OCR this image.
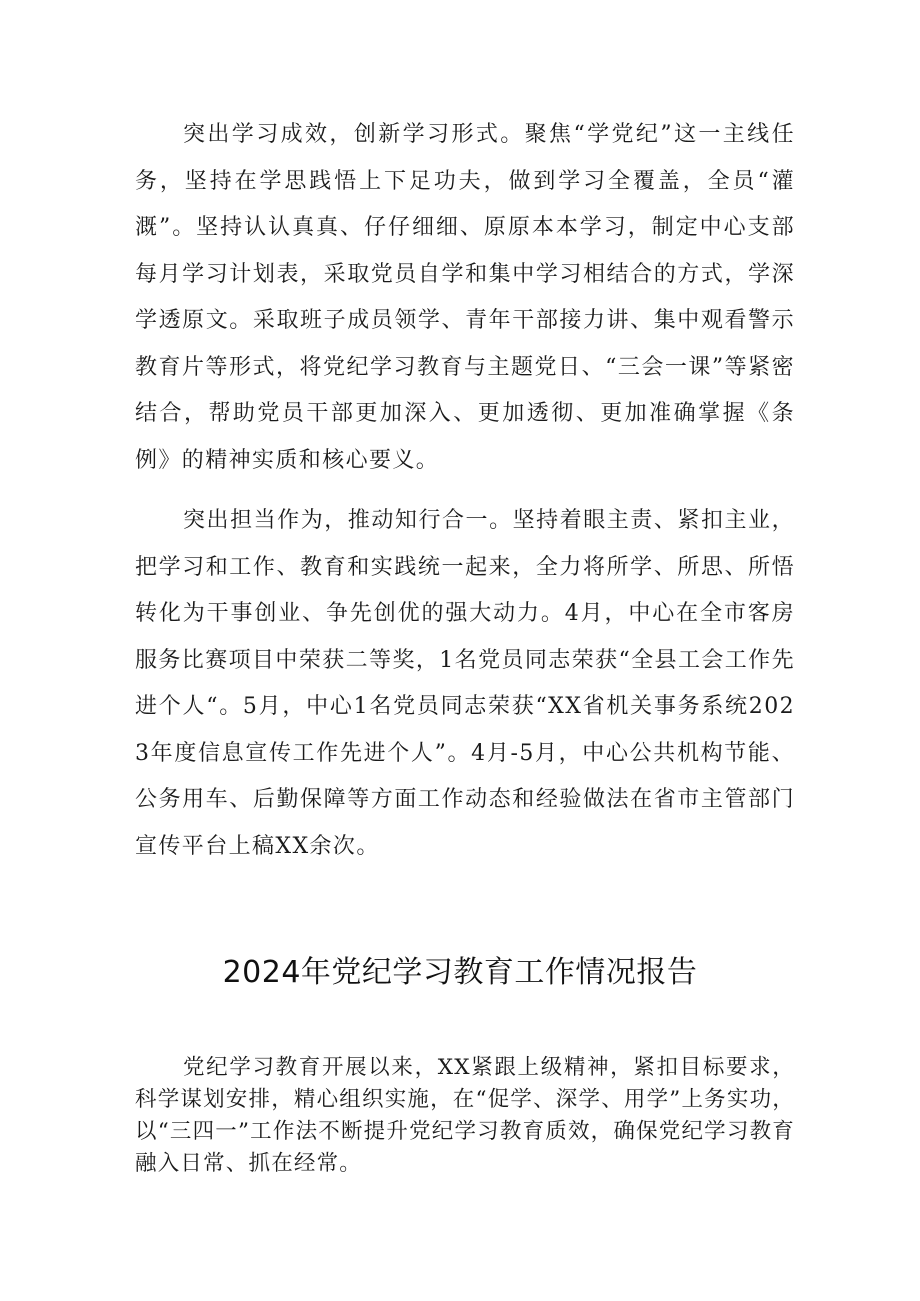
突出学习成效，创新学习形式。聚焦“学党纪”这一主线任务，坚持在学思践悟上下足功夫，做到学习全覆盖，全员“灌溉”。坚持认认真真、仔仔细细、原原本本学习，制定中心支部每月学习计划表，采取党员自学和集中学习相结合的方式，学深学透原文。采取班子成员领学、青年干部接力讲、集中观看警示教育片等形式，将党纪学习教育与主题党日、“三会一课”等紧密结合，帮助党员干部更加深入、更加透彻、更加准确掌握《条例》的精神实质和核心要义。

突出担当作为，推动知行合一。坚持着眼主责、紧扣主业，把学习和工作、教育和实践统一起来，全力将所学、所思、所悟转化为干事创业、争先创优的强大动力。4月，中心在全市客房服务比赛项目中荣获二等奖，1名党员同志荣获“全县工会工作先进个人“。5月，中心1名党员同志荣获“XX省机关事务系统2023年度信息宣传工作先进个人”。4月-5月，中心公共机构节能、公务用车、后勤保障等方面工作动态和经验做法在省市主管部门宣传平台上稿XX余次。

2024年党纪学习教育工作情况报告

党纪学习教育开展以来，XX紧跟上级精神，紧扣目标要求，科学谋划安排，精心组织实施，在“促学、深学、用学”上务实功，以“三四一”工作法不断提升党纪学习教育质效，确保党纪学习教育融入日常、抓在经常。
